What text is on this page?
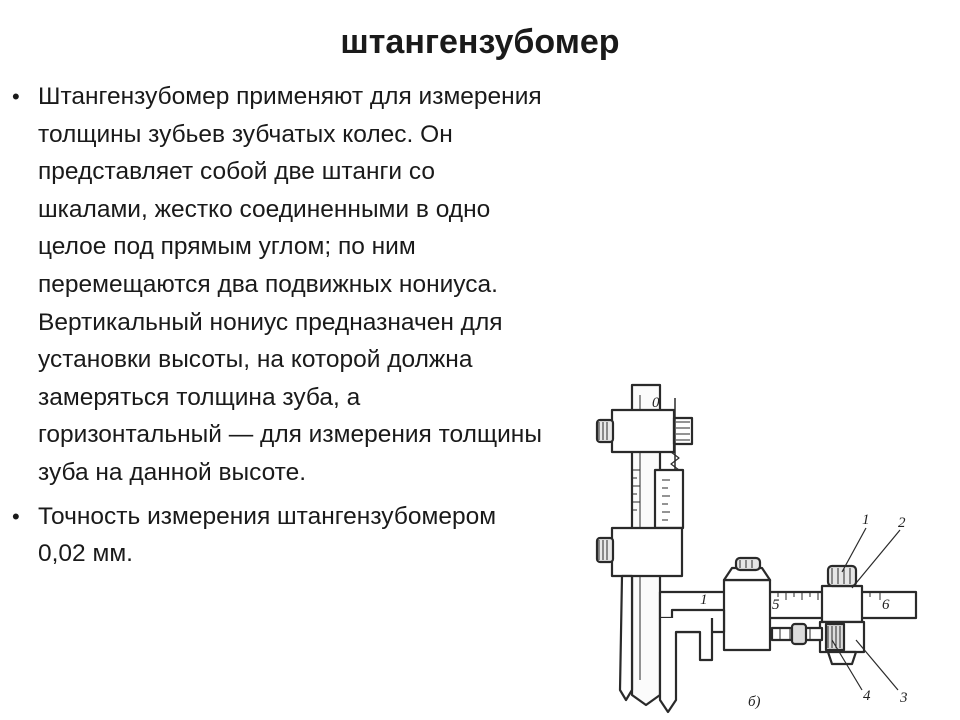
штангензубомер
• Штангензубомер применяют для измерения толщины зубьев зубчатых колес. Он представляет собой две штанги со шкалами, жестко соединенными в одно целое под прямым углом; по ним перемещаются два подвижных нониуса. Вертикальный нониус предназначен для установки высоты, на которой должна замеряться толщина зуба, а горизонтальный — для измерения толщины зуба на данной высоте.
• Точность измерения штангензубомером 0,02 мм.
0
1	5	6
1 2
3
4
б)
